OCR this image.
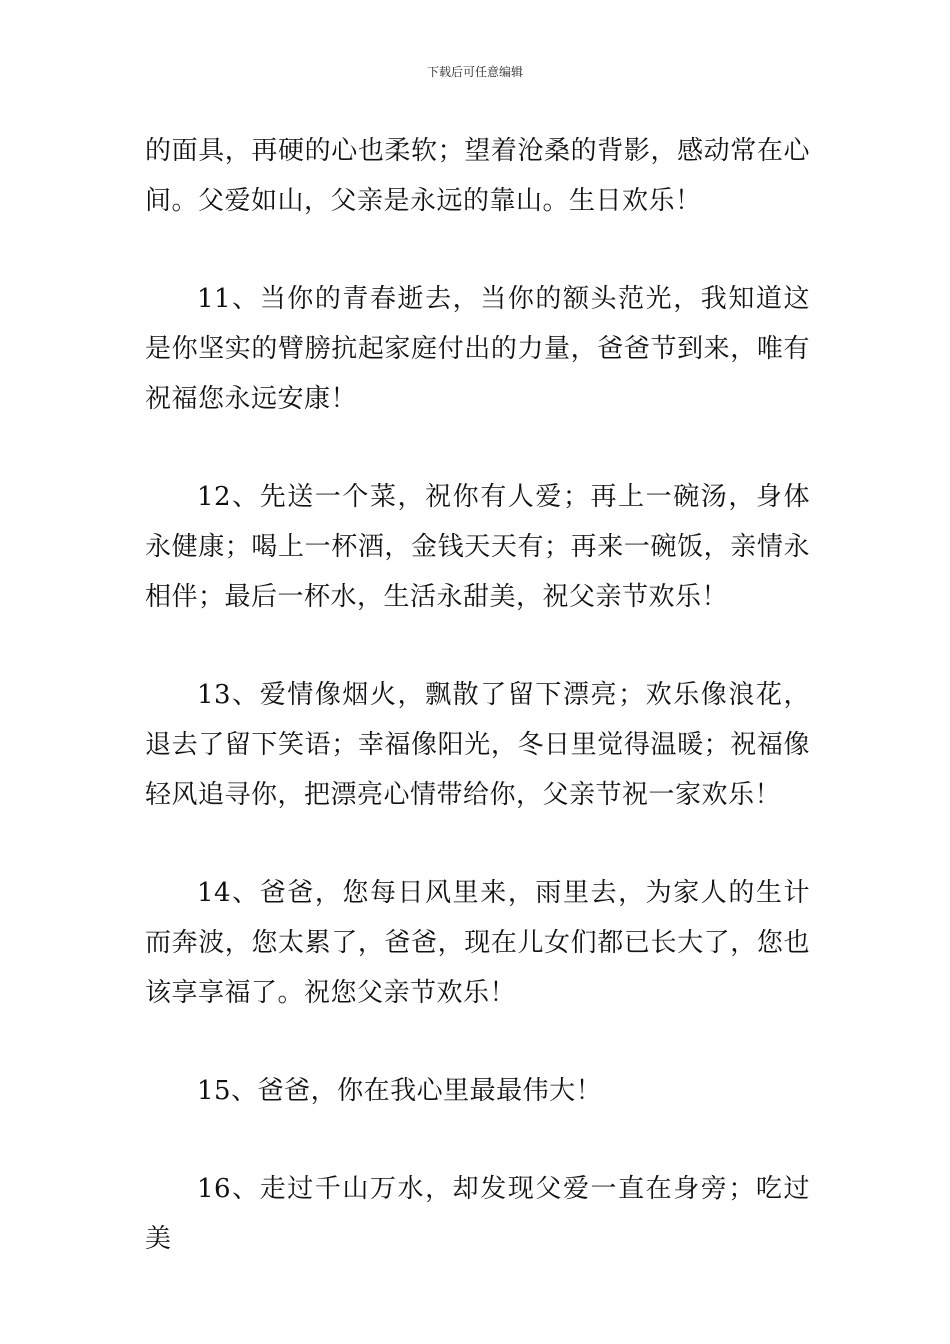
下载后可任意编辑

的面具，再硬的心也柔软；望着沧桑的背影，感动常在心间。父爱如山，父亲是永远的靠山。生日欢乐！

11、当你的青春逝去，当你的额头范光，我知道这是你坚实的臂膀抗起家庭付出的力量，爸爸节到来，唯有祝福您永远安康！

12、先送一个菜，祝你有人爱；再上一碗汤，身体永健康；喝上一杯酒，金钱天天有；再来一碗饭，亲情永相伴；最后一杯水，生活永甜美，祝父亲节欢乐！

13、爱情像烟火，飘散了留下漂亮；欢乐像浪花，退去了留下笑语；幸福像阳光，冬日里觉得温暖；祝福像轻风追寻你，把漂亮心情带给你，父亲节祝一家欢乐！

14、爸爸，您每日风里来，雨里去，为家人的生计而奔波，您太累了，爸爸，现在儿女们都已长大了，您也该享享福了。祝您父亲节欢乐！

15、爸爸，你在我心里最最伟大！

16、走过千山万水，却发现父爱一直在身旁；吃过美
